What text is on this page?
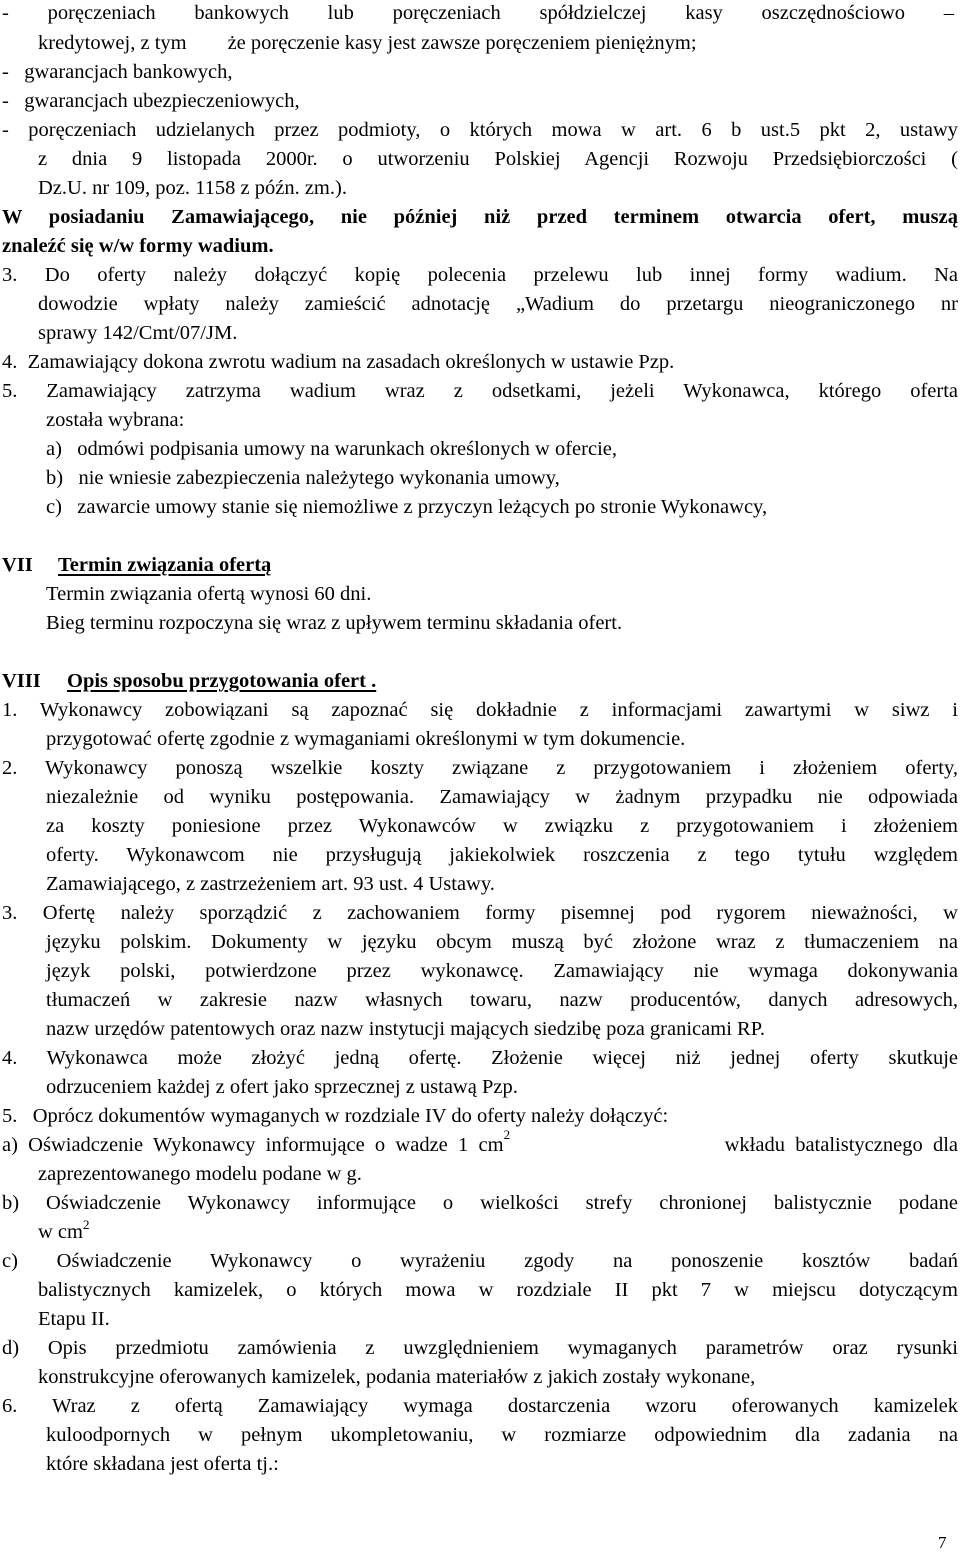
- poręczeniach bankowych lub poręczeniach spółdzielczej kasy oszczędnościowo –
kredytowej, z tym        że poręczenie kasy jest zawsze poręczeniem pieniężnym;
-   gwarancjach bankowych,
-   gwarancjach ubezpieczeniowych,
- poręczeniach udzielanych przez podmioty, o których mowa w art. 6 b ust.5 pkt 2, ustawy
z dnia 9 listopada 2000r. o utworzeniu Polskiej Agencji Rozwoju Przedsiębiorczości (
Dz.U. nr 109, poz. 1158 z późn. zm.).
W posiadaniu Zamawiającego, nie później niż przed terminem otwarcia ofert, muszą
znaleźć się w/w formy wadium.
3. Do oferty należy dołączyć kopię polecenia przelewu lub innej formy wadium. Na
dowodzie wpłaty należy zamieścić adnotację „Wadium do przetargu nieograniczonego nr
sprawy 142/Cmt/07/JM.
4.  Zamawiający dokona zwrotu wadium na zasadach określonych w ustawie Pzp.
5. Zamawiający zatrzyma wadium wraz z odsetkami, jeżeli Wykonawca, którego oferta
została wybrana:
a)   odmówi podpisania umowy na warunkach określonych w ofercie,
b)   nie wniesie zabezpieczenia należytego wykonania umowy,
c)   zawarcie umowy stanie się niemożliwe z przyczyn leżących po stronie Wykonawcy,
VII Termin związania ofertą
Termin związania ofertą wynosi 60 dni.
Bieg terminu rozpoczyna się wraz z upływem terminu składania ofert.
VIII Opis sposobu przygotowania ofert .
1. Wykonawcy zobowiązani są zapoznać się dokładnie z informacjami zawartymi w siwz i
przygotować ofertę zgodnie z wymaganiami określonymi w tym dokumencie.
2. Wykonawcy ponoszą wszelkie koszty związane z przygotowaniem i złożeniem oferty,
niezależnie od wyniku postępowania. Zamawiający w żadnym przypadku nie odpowiada
za koszty poniesione przez Wykonawców w związku z przygotowaniem i złożeniem
oferty. Wykonawcom nie przysługują jakiekolwiek roszczenia z tego tytułu względem
Zamawiającego, z zastrzeżeniem art. 93 ust. 4 Ustawy.
3. Ofertę należy sporządzić z zachowaniem formy pisemnej pod rygorem nieważności, w
języku polskim. Dokumenty w języku obcym muszą być złożone wraz z tłumaczeniem na
język polski, potwierdzone przez wykonawcę. Zamawiający nie wymaga dokonywania
tłumaczeń w zakresie nazw własnych towaru, nazw producentów, danych adresowych,
nazw urzędów patentowych oraz nazw instytucji mających siedzibę poza granicami RP.
4. Wykonawca może złożyć jedną ofertę. Złożenie więcej niż jednej oferty skutkuje
odrzuceniem każdej z ofert jako sprzecznej z ustawą Pzp.
5.   Oprócz dokumentów wymaganych w rozdziale IV do oferty należy dołączyć:
a)  Oświadczenie  Wykonawcy  informujące  o  wadze  1  cm 2	wkładu  batalistycznego  dla
zaprezentowanego modelu podane w g.
b) Oświadczenie Wykonawcy informujące o wielkości strefy chronionej balistycznie podane
w $cm^2$
c) Oświadczenie Wykonawcy o wyrażeniu zgody na ponoszenie kosztów badań
balistycznych kamizelek, o których mowa w rozdziale II pkt 7 w miejscu dotyczącym
Etapu II.
d) Opis przedmiotu zamówienia z uwzględnieniem wymaganych parametrów oraz rysunki
konstrukcyjne oferowanych kamizelek, podania materiałów z jakich zostały wykonane,
6. Wraz z ofertą Zamawiający wymaga dostarczenia wzoru oferowanych kamizelek
kuloodpornych w pełnym ukompletowaniu, w rozmiarze odpowiednim dla zadania na
które składana jest oferta tj.:
7
